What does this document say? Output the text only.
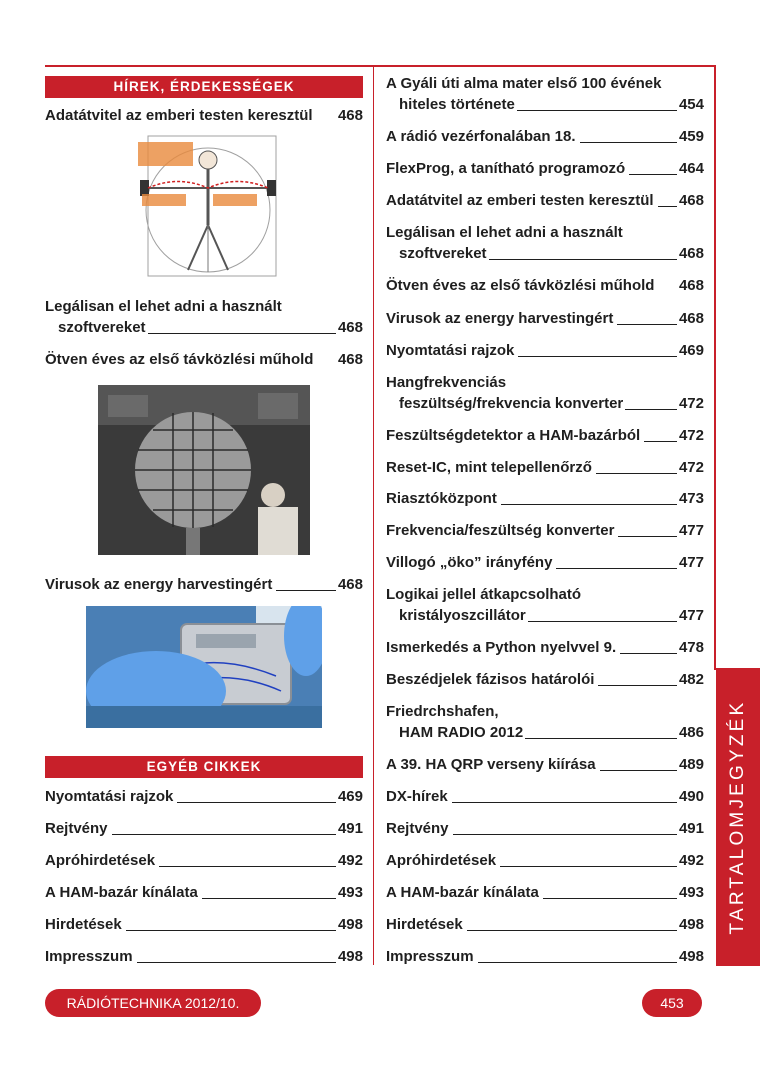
HÍREK, ÉRDEKESSÉGEK
Adatátvitel az emberi testen keresztül 468
Legálisan el lehet adni a használt
szoftvereket	468
Ötven éves az első távközlési műhold 468
Virusok az energy harvestingért	468
EGYÉB CIKKEK
Nyomtatási rajzok	469
Rejtvény	491
Apróhirdetések	492
A HAM-bazár kínálata	493
Hirdetések	498
Impresszum	498
A Gyáli úti alma mater első 100 évének
hiteles története	454
A rádió vezérfonalában 18.	459
FlexProg, a tanítható programozó	464
Adatátvitel az emberi testen keresztül 468
Legálisan el lehet adni a használt
szoftvereket	468
Ötven éves az első távközlési műhold 468
Virusok az energy harvestingért	468
Nyomtatási rajzok	469
Hangfrekvenciás
feszültség/frekvencia konverter	472
Feszültségdetektor a HAM-bazárból	472
Reset-IC, mint telepellenőrző	472
Riasztóközpont	473
Frekvencia/feszültség konverter	477
Villogó „öko” irányfény	477
Logikai jellel átkapcsolható
kristályoszcillátor	477
Ismerkedés a Python nyelvvel 9.	478
Beszédjelek fázisos határolói	482
Friedrchshafen,
HAM RADIO 2012	486
A 39. HA QRP verseny kiírása	489
DX-hírek	490
Rejtvény	491
Apróhirdetések	492
A HAM-bazár kínálata	493
Hirdetések	498
Impresszum	498
TARTALOMJEGYZÉK
RÁDIÓTECHNIKA 2012/10.	453
